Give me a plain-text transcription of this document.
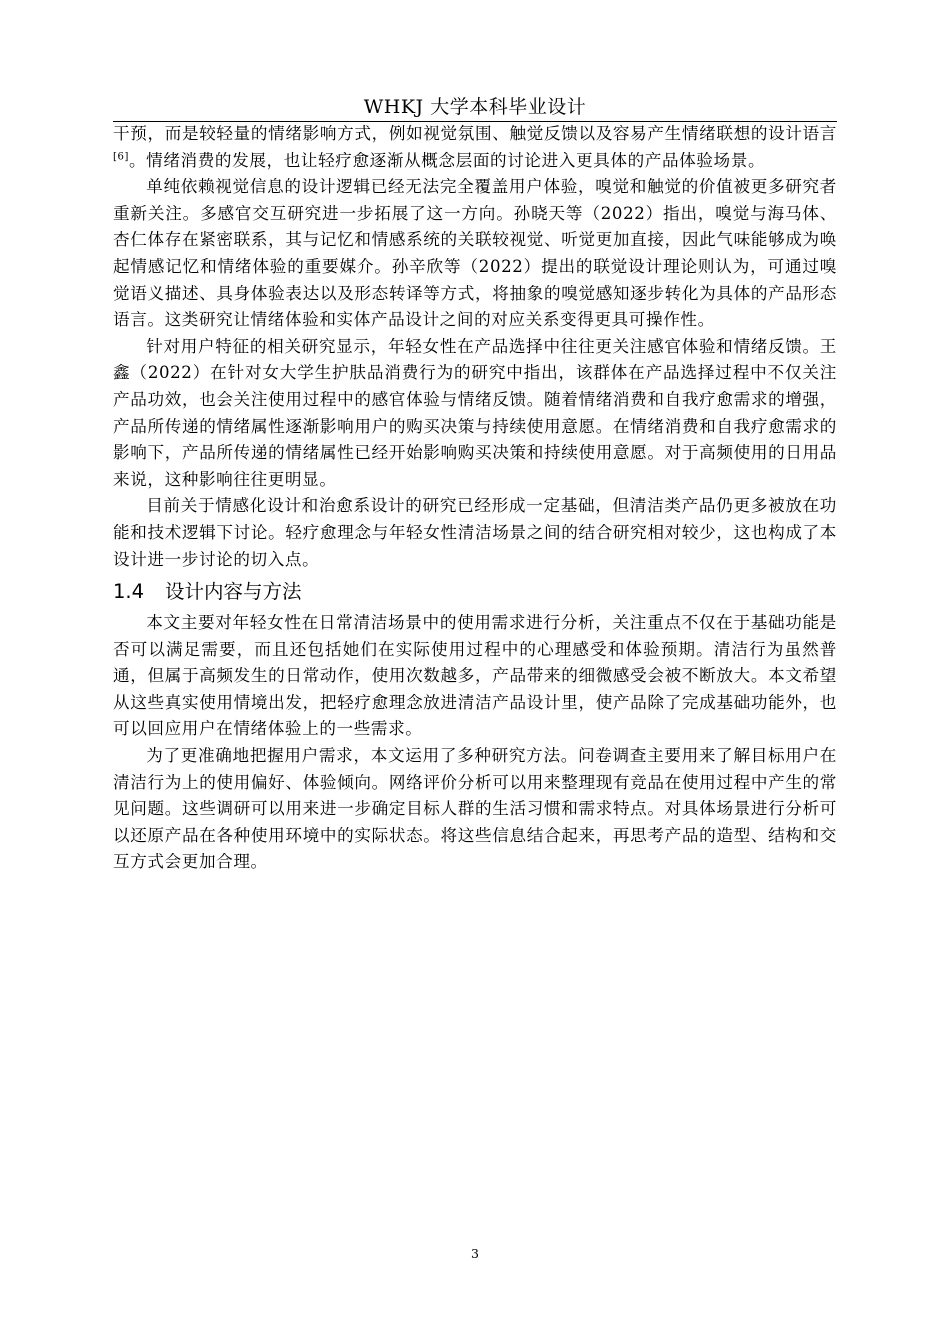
WHKJ 大学本科毕业设计

干预，而是较轻量的情绪影响方式，例如视觉氛围、触觉反馈以及容易产生情绪联想的设计语言[6]。情绪消费的发展，也让轻疗愈逐渐从概念层面的讨论进入更具体的产品体验场景。

单纯依赖视觉信息的设计逻辑已经无法完全覆盖用户体验，嗅觉和触觉的价值被更多研究者重新关注。多感官交互研究进一步拓展了这一方向。孙晓天等（2022）指出，嗅觉与海马体、杏仁体存在紧密联系，其与记忆和情感系统的关联较视觉、听觉更加直接，因此气味能够成为唤起情感记忆和情绪体验的重要媒介。孙辛欣等（2022）提出的联觉设计理论则认为，可通过嗅觉语义描述、具身体验表达以及形态转译等方式，将抽象的嗅觉感知逐步转化为具体的产品形态语言。这类研究让情绪体验和实体产品设计之间的对应关系变得更具可操作性。

针对用户特征的相关研究显示，年轻女性在产品选择中往往更关注感官体验和情绪反馈。王鑫（2022）在针对女大学生护肤品消费行为的研究中指出，该群体在产品选择过程中不仅关注产品功效，也会关注使用过程中的感官体验与情绪反馈。随着情绪消费和自我疗愈需求的增强，产品所传递的情绪属性逐渐影响用户的购买决策与持续使用意愿。在情绪消费和自我疗愈需求的影响下，产品所传递的情绪属性已经开始影响购买决策和持续使用意愿。对于高频使用的日用品来说，这种影响往往更明显。

目前关于情感化设计和治愈系设计的研究已经形成一定基础，但清洁类产品仍更多被放在功能和技术逻辑下讨论。轻疗愈理念与年轻女性清洁场景之间的结合研究相对较少，这也构成了本设计进一步讨论的切入点。

1.4 设计内容与方法

本文主要对年轻女性在日常清洁场景中的使用需求进行分析，关注重点不仅在于基础功能是否可以满足需要，而且还包括她们在实际使用过程中的心理感受和体验预期。清洁行为虽然普通，但属于高频发生的日常动作，使用次数越多，产品带来的细微感受会被不断放大。本文希望从这些真实使用情境出发，把轻疗愈理念放进清洁产品设计里，使产品除了完成基础功能外，也可以回应用户在情绪体验上的一些需求。

为了更准确地把握用户需求，本文运用了多种研究方法。问卷调查主要用来了解目标用户在清洁行为上的使用偏好、体验倾向。网络评价分析可以用来整理现有竞品在使用过程中产生的常见问题。这些调研可以用来进一步确定目标人群的生活习惯和需求特点。对具体场景进行分析可以还原产品在各种使用环境中的实际状态。将这些信息结合起来，再思考产品的造型、结构和交互方式会更加合理。

3
